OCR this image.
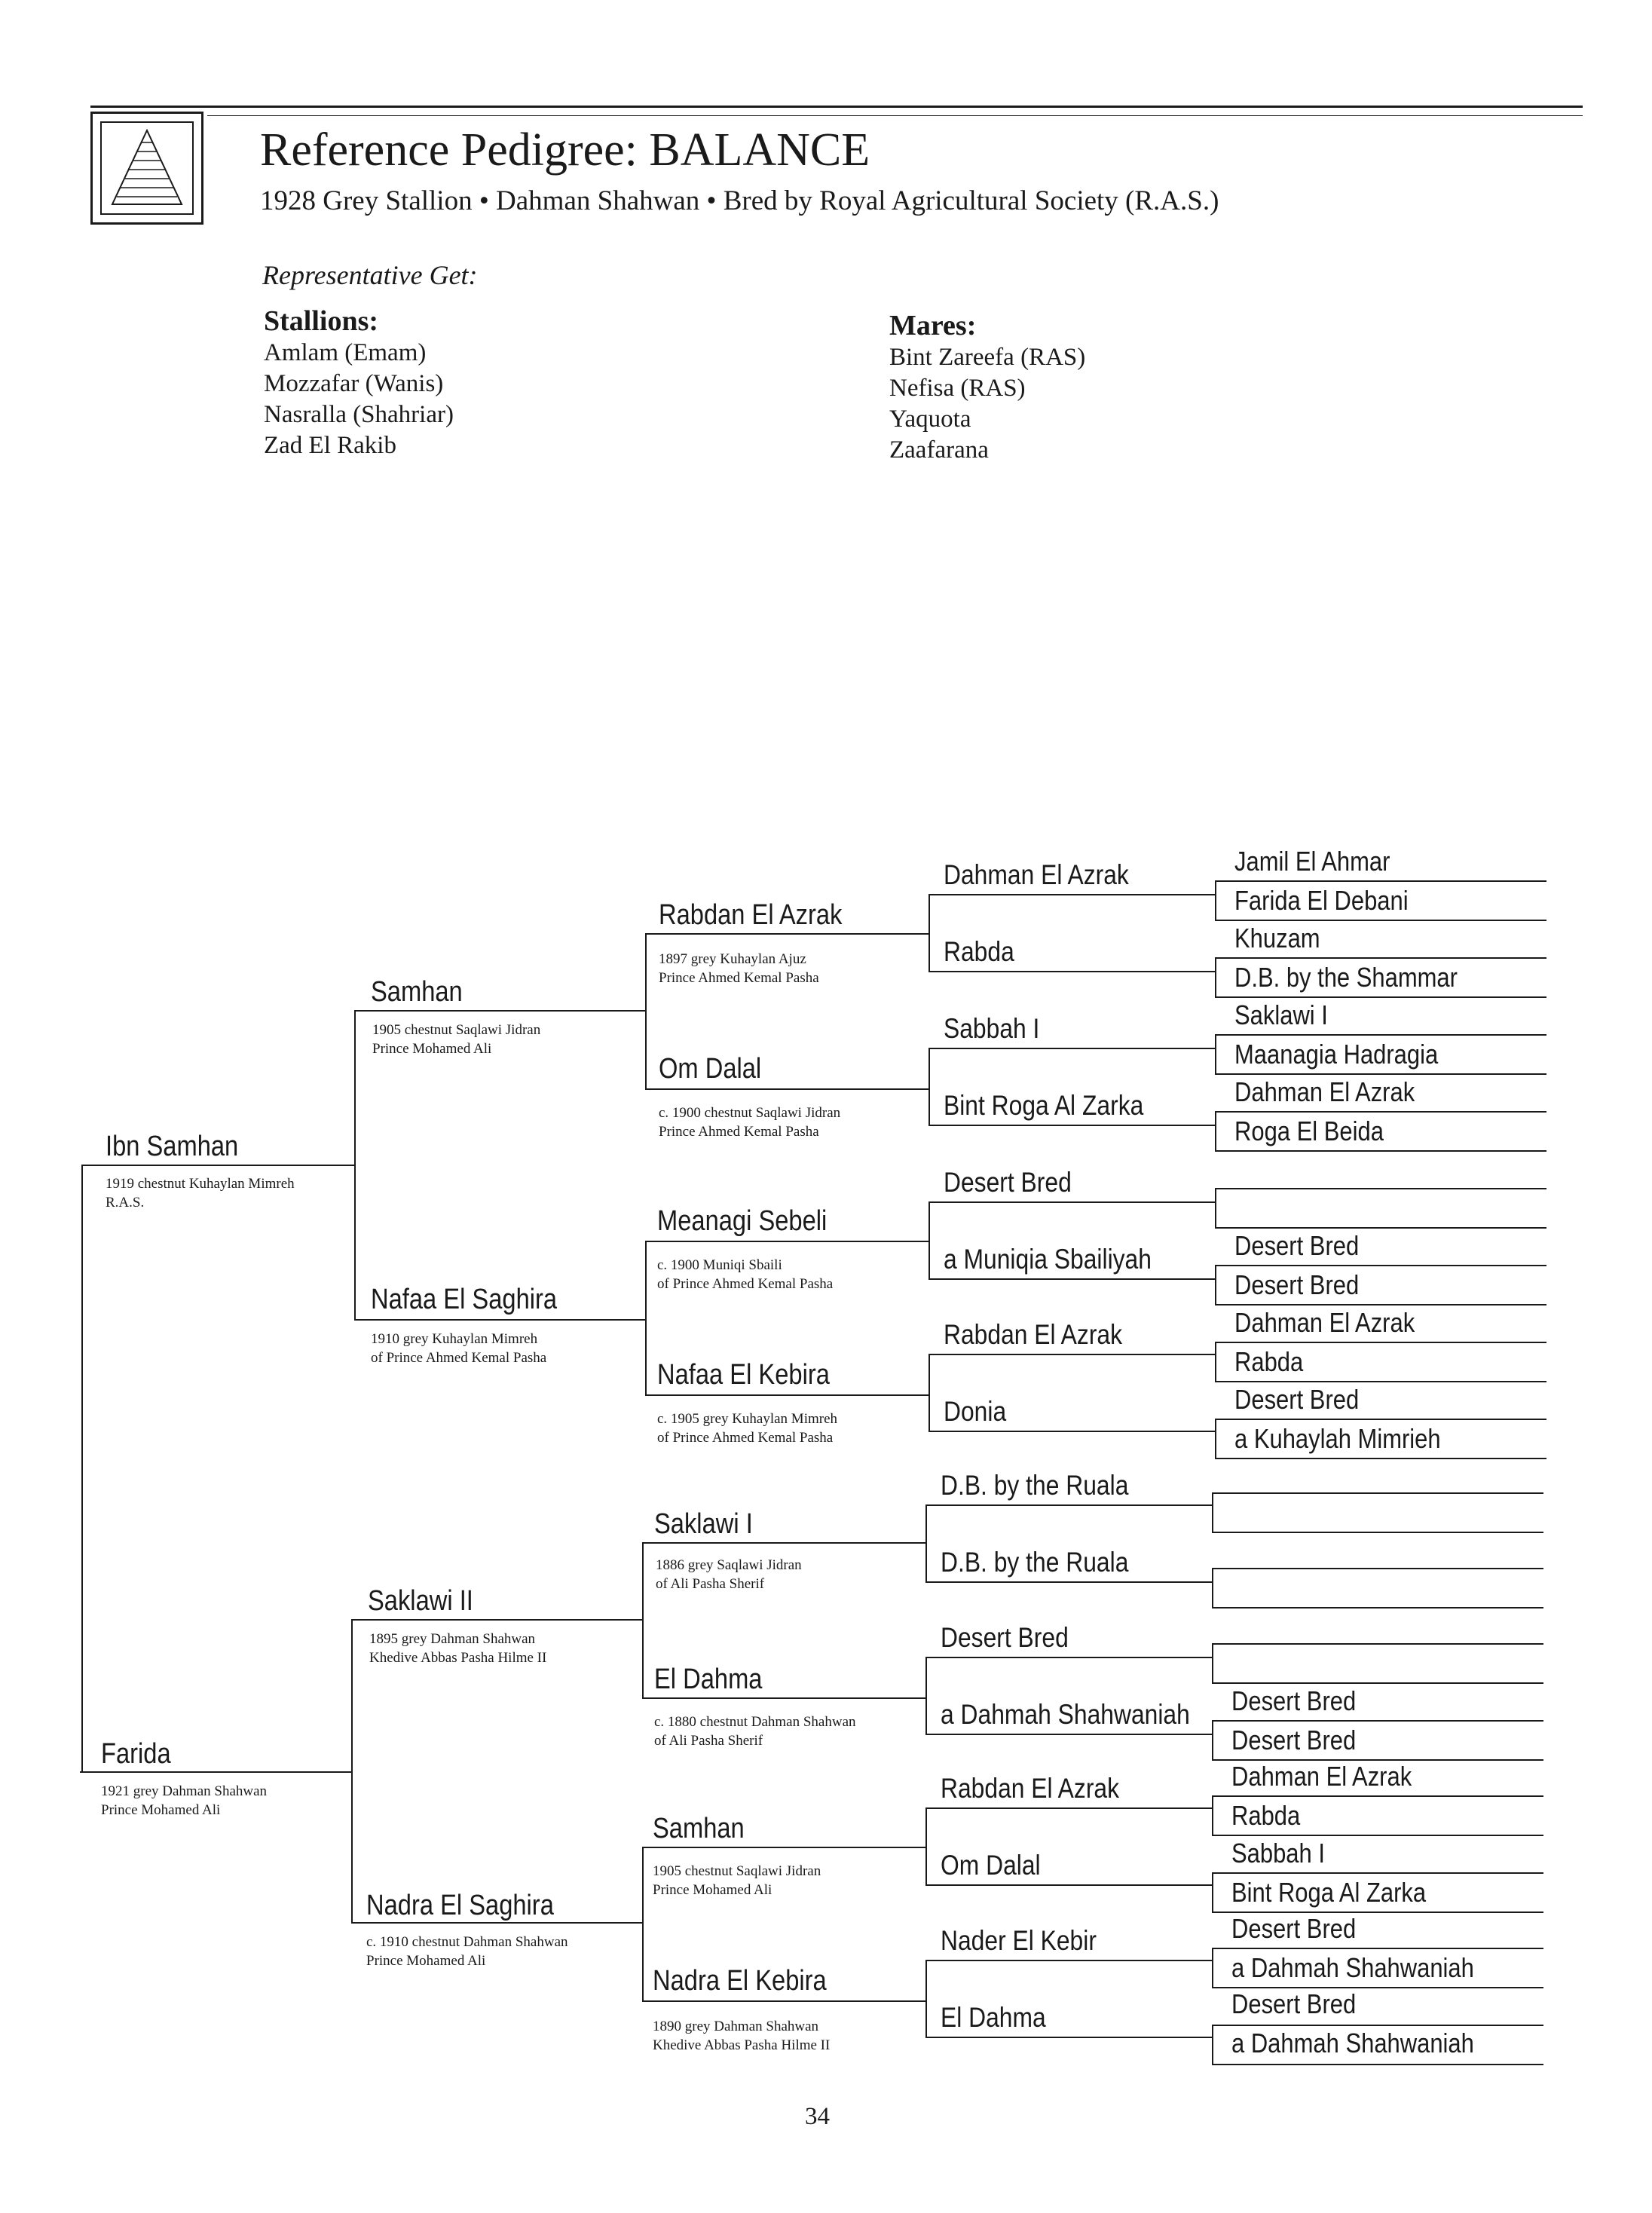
Reference Pedigree: BALANCE
1928 Grey Stallion • Dahman Shahwan • Bred by Royal Agricultural Society (R.A.S.)
Representative Get:
Stallions:
Amlam (Emam)
Mozzafar (Wanis)
Nasralla (Shahriar)
Zad El Rakib
Mares:
Bint Zareefa (RAS)
Nefisa (RAS)
Yaquota
Zaafarana
Ibn Samhan
1919 chestnut Kuhaylan Mimreh
R.A.S.
Farida
1921 grey Dahman Shahwan
Prince Mohamed Ali
Samhan
1905 chestnut Saqlawi Jidran
Prince Mohamed Ali
Nafaa El Saghira
1910 grey Kuhaylan Mimreh
of Prince Ahmed Kemal Pasha
Saklawi II
1895 grey Dahman Shahwan
Khedive Abbas Pasha Hilme II
Nadra El Saghira
c. 1910 chestnut Dahman Shahwan
Prince Mohamed Ali
Rabdan El Azrak
1897 grey Kuhaylan Ajuz
Prince Ahmed Kemal Pasha
Om Dalal
c. 1900 chestnut Saqlawi Jidran
Prince Ahmed Kemal Pasha
Meanagi Sebeli
c. 1900 Muniqi Sbaili
of Prince Ahmed Kemal Pasha
Nafaa El Kebira
c. 1905 grey Kuhaylan Mimreh
of Prince Ahmed Kemal Pasha
Saklawi I
1886 grey Saqlawi Jidran
of Ali Pasha Sherif
El Dahma
c. 1880 chestnut Dahman Shahwan
of Ali Pasha Sherif
Samhan
1905 chestnut Saqlawi Jidran
Prince Mohamed Ali
Nadra El Kebira
1890 grey Dahman Shahwan
Khedive Abbas Pasha Hilme II
Dahman El Azrak
Rabda
Sabbah I
Bint Roga Al Zarka
Desert Bred
a Muniqia Sbailiyah
Rabdan El Azrak
Donia
D.B. by the Ruala
D.B. by the Ruala
Desert Bred
a Dahmah Shahwaniah
Rabdan El Azrak
Om Dalal
Nader El Kebir
El Dahma
Jamil El Ahmar
Farida El Debani
Khuzam
D.B. by the Shammar
Saklawi I
Maanagia Hadragia
Dahman El Azrak
Roga El Beida
Desert Bred
Desert Bred
Dahman El Azrak
Rabda
Desert Bred
a Kuhaylah Mimrieh
Desert Bred
Desert Bred
Dahman El Azrak
Rabda
Sabbah I
Bint Roga Al Zarka
Desert Bred
a Dahmah Shahwaniah
Desert Bred
a Dahmah Shahwaniah
34
